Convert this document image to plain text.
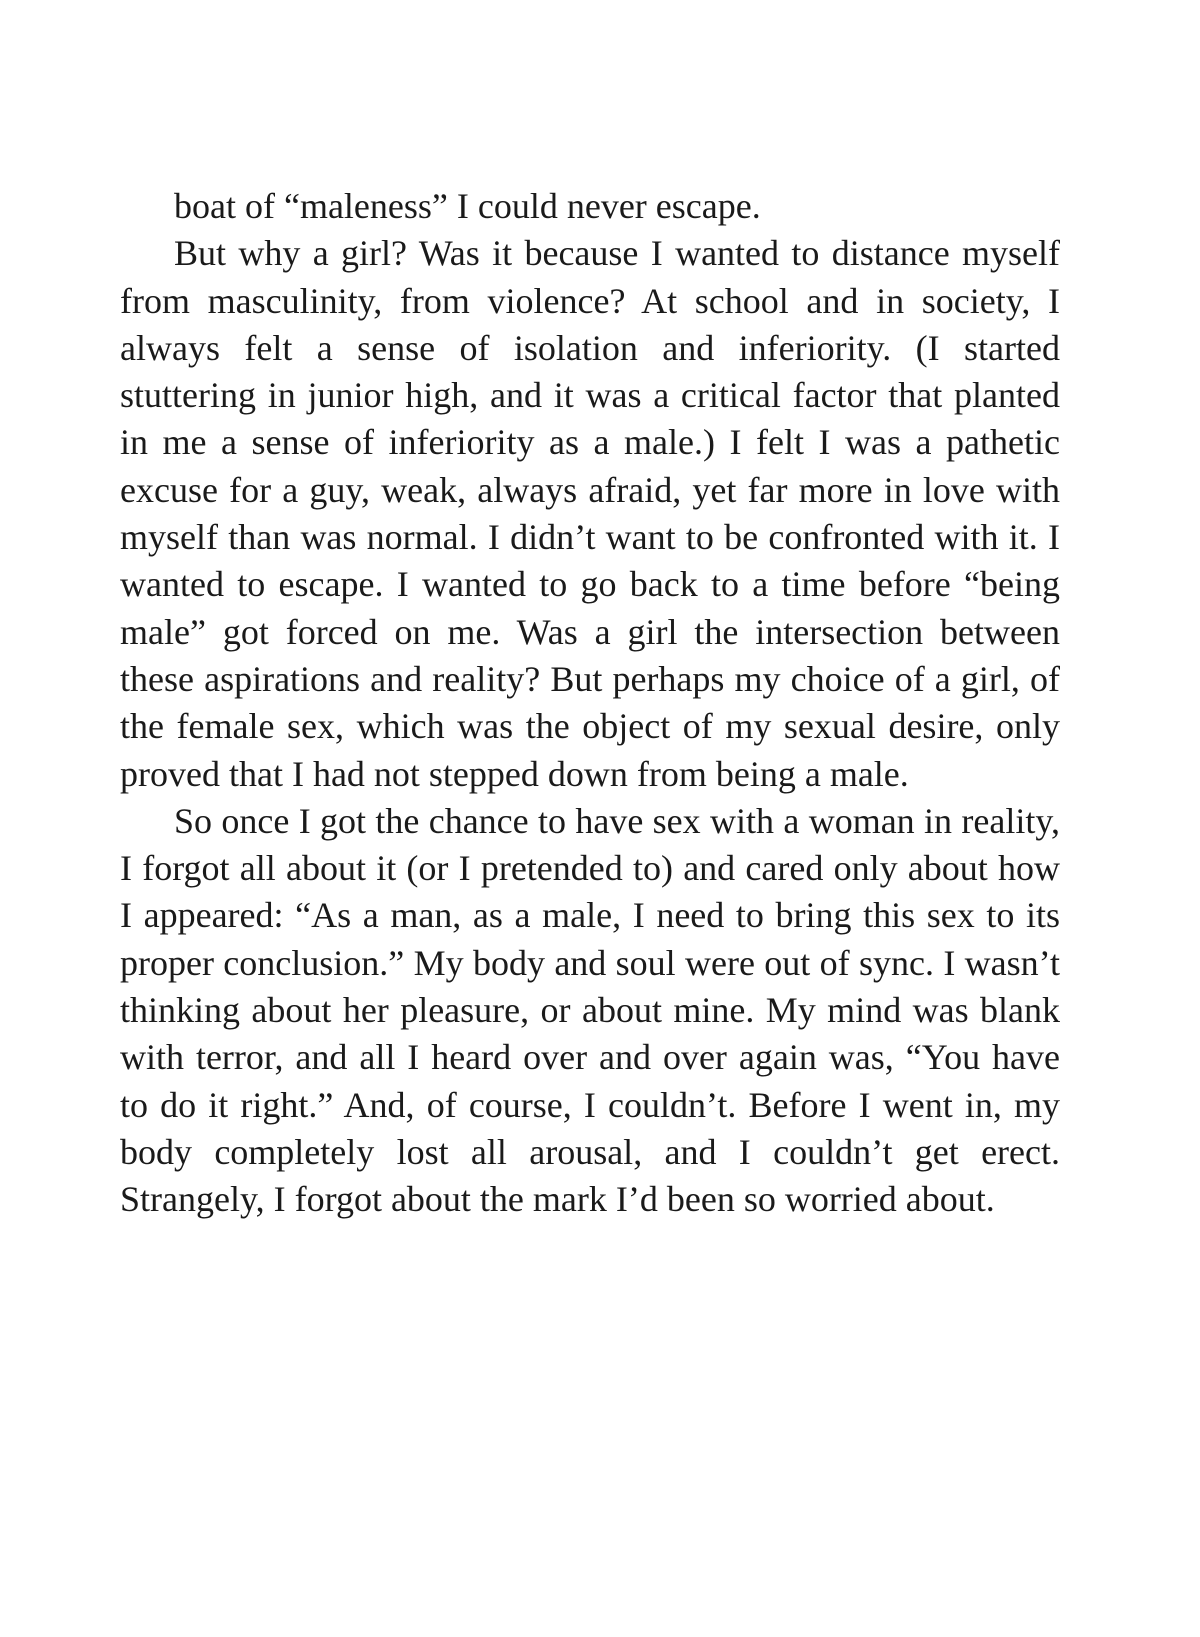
boat of “maleness” I could never escape.

But why a girl? Was it because I wanted to distance myself from masculinity, from violence? At school and in society, I always felt a sense of isolation and inferiority. (I started stuttering in junior high, and it was a critical factor that planted in me a sense of inferiority as a male.) I felt I was a pathetic excuse for a guy, weak, always afraid, yet far more in love with myself than was normal. I didn’t want to be confronted with it. I wanted to escape. I wanted to go back to a time before “being male” got forced on me. Was a girl the intersection between these aspirations and reality? But perhaps my choice of a girl, of the female sex, which was the object of my sexual desire, only proved that I had not stepped down from being a male.

So once I got the chance to have sex with a woman in reality, I forgot all about it (or I pretended to) and cared only about how I appeared: “As a man, as a male, I need to bring this sex to its proper conclusion.” My body and soul were out of sync. I wasn’t thinking about her pleasure, or about mine. My mind was blank with terror, and all I heard over and over again was, “You have to do it right.” And, of course, I couldn’t. Before I went in, my body completely lost all arousal, and I couldn’t get erect. Strangely, I forgot about the mark I’d been so worried about.
